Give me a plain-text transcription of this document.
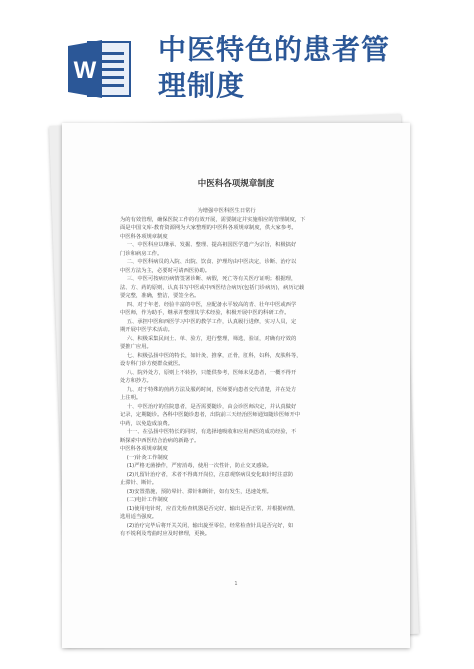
W
中医特色的患者管
理制度
中医科各项规章制度

为增强中医科医生日常行

为的有效管理，确保医院工作的有效开展，需要制定并实施相应的管理制度，下

面是中国文库-教育资源网为大家整理的中医科各项规章制度，供大家参考。

中医科各项规章制度

一、中医科应以继承、发掘、整理、提高祖国医学遗产为宗旨，积极搞好

门诊和病房工作。

二、中医科病员的入院、出院、饮食、护理均由中医决定，诊断、治疗以

中医方法为主，必要时可请西医协助。

三、中医可按病历病情签署诊断、病假，死亡等有关医疗证明；根据理，

法、方、药的原则，认真书写中医或中西医结合病历(包括门诊病历)，病历记载

要完整，准确，整洁，要签全名。

四、对于年老、经验丰富的中医，应配备水平较高的青、壮年中医或西学

中医师，作为助手，继承并整理其学术经验，积极开展中医的科研工作。

五、承担中医和西医学习中医的教学工作，认真履行进修，实习人员，定

期开展中医学术活动。

六、积极采集民间土、单、验方，进行整理，筛选，验证，对确有疗效的

要推广应用。

七、积极弘扬中医的特长，如针灸，推拿，正骨，肛科，妇科，皮肤科等，

设专科门诊方便群众就医。

八、院外处方，原则上不转抄，只能供参考，医师未见患者，一概不得开

处方和抄方。

九、对于特殊的煎药方法及服药时间，医师要向患者交代清楚，并在处方

上注明。

十、中医治疗的住院患者，是否需要随诊，由会诊医师决定，并认真做好

记录，定期随诊。各科中医随诊患者，出院前三天经治医师通知随诊医师开中

中药，以免造成浪费。

十一、在弘扬中医特长的同时，有选择地吸收和应用西医的成功经验，不

断探索中西医结合治病的新路子。

中医科各项规章制度

(一)针灸工作制度

(1)严格无菌操作，严密消毒，使用一次性针，防止交叉感染。

(2)凡留针治疗者，术者不得离开岗位，注意观察病员变化取针时注意防

止滞针、断针。

(3)安置措施，预防晕针、滞针和断针，如有发生，迅速处理。

(二)电针工作制度

(1)使用电针时，应首先检查机器是否完好，输出是否正常，并根据病情，

选用适当强度。

(2)治疗完毕后将开关关闭，输出旋至零位，经常检查针具是否完好，如

有不锐利及弯曲时应及时修理，更换。

1
